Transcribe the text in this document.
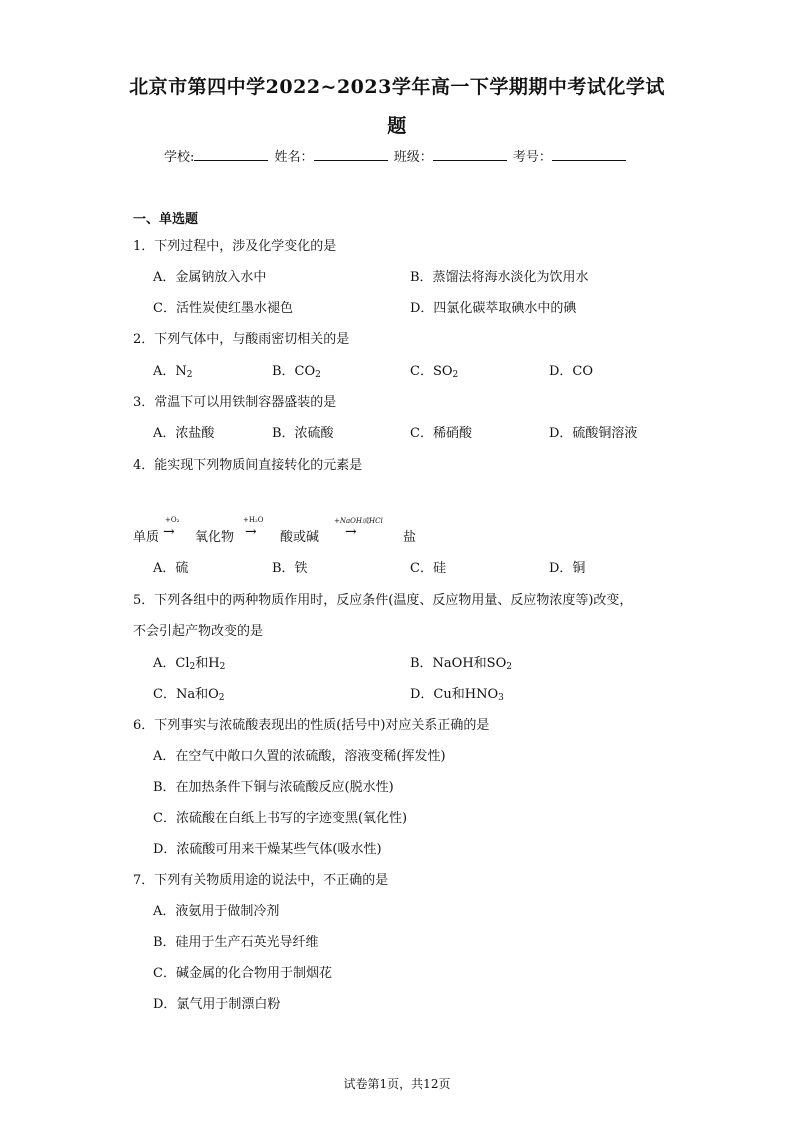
北京市第四中学2022~2023学年高一下学期期中考试化学试
题
学校:	姓名：	班级：	考号：
一、单选题
1．下列过程中，涉及化学变化的是
A．金属钠放入水中	B．蒸馏法将海水淡化为饮用水
C．活性炭使红墨水褪色	D．四氯化碳萃取碘水中的碘
2．下列气体中，与酸雨密切相关的是
A．$N_2$	B．$CO_2$	C．$SO_2$	D．CO
3．常温下可以用铁制容器盛装的是
A．浓盐酸	B．浓硫酸	C．稀硝酸	D．硫酸铜溶液
4．能实现下列物质间直接转化的元素是
单质
+O₂
→ 氧化物
+H₂O
→ 酸或碱
+NaOH或HCl
→	盐
A．硫	B．铁	C．硅	D．铜
5．下列各组中的两种物质作用时，反应条件(温度、反应物用量、反应物浓度等)改变，
不会引起产物改变的是
A．$Cl_2$和$H_2$	B．NaOH和$SO_2$
C．Na和$O_2$	D．Cu和$HNO_3$
6．下列事实与浓硫酸表现出的性质(括号中)对应关系正确的是
A．在空气中敞口久置的浓硫酸，溶液变稀(挥发性)
B．在加热条件下铜与浓硫酸反应(脱水性)
C．浓硫酸在白纸上书写的字迹变黑(氧化性)
D．浓硫酸可用来干燥某些气体(吸水性)
7．下列有关物质用途的说法中，不正确的是
A．液氨用于做制冷剂
B．硅用于生产石英光导纤维
C．碱金属的化合物用于制烟花
D．氯气用于制漂白粉
试卷第1页，共12页
